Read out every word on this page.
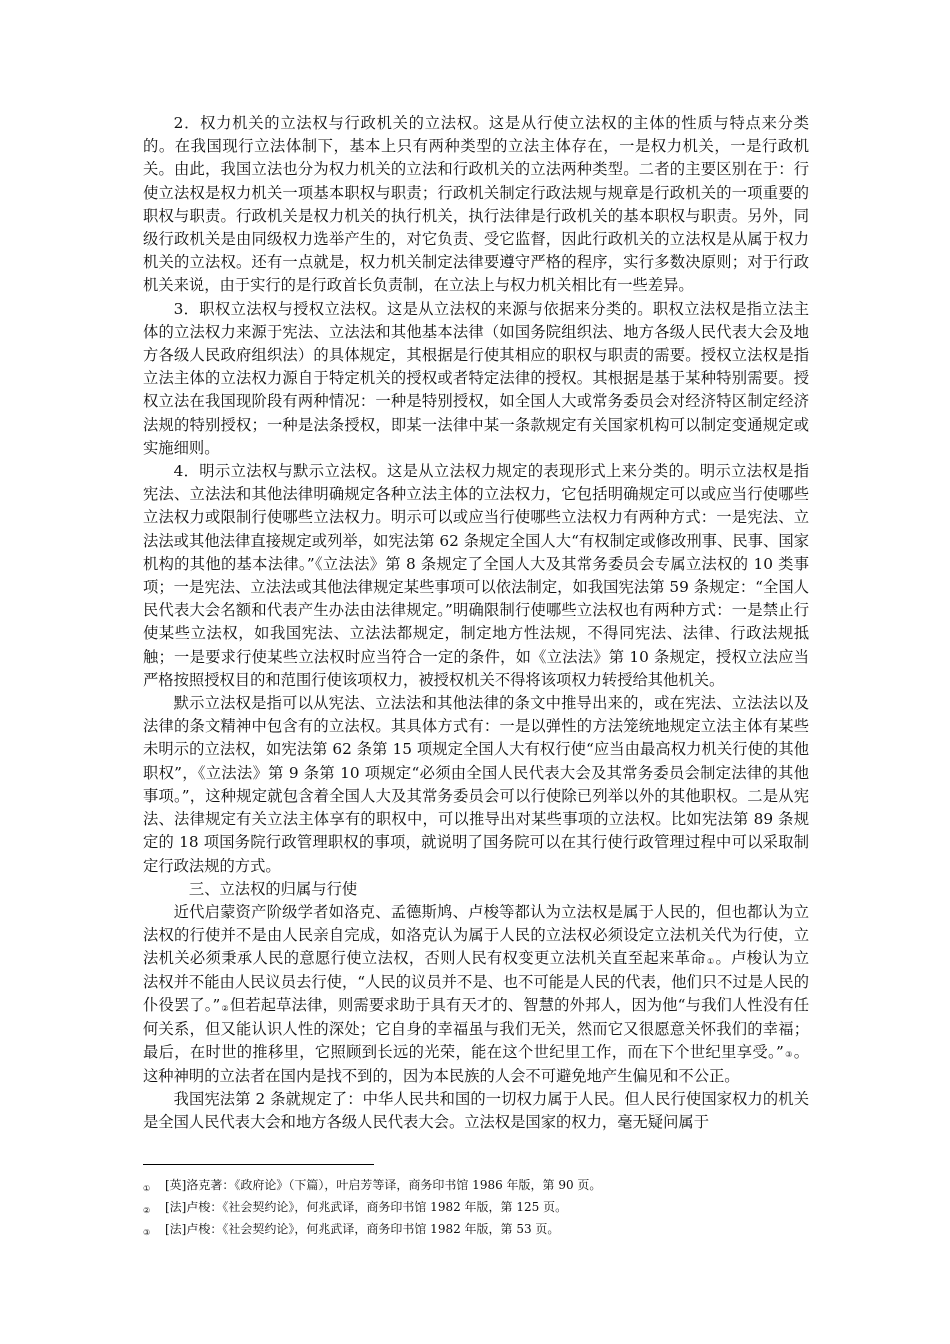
2．权力机关的立法权与行政机关的立法权。这是从行使立法权的主体的性质与特点来分类的。在我国现行立法体制下，基本上只有两种类型的立法主体存在，一是权力机关，一是行政机关。由此，我国立法也分为权力机关的立法和行政机关的立法两种类型。二者的主要区别在于：行使立法权是权力机关一项基本职权与职责；行政机关制定行政法规与规章是行政机关的一项重要的职权与职责。行政机关是权力机关的执行机关，执行法律是行政机关的基本职权与职责。另外，同级行政机关是由同级权力选举产生的，对它负责、受它监督，因此行政机关的立法权是从属于权力机关的立法权。还有一点就是，权力机关制定法律要遵守严格的程序，实行多数决原则；对于行政机关来说，由于实行的是行政首长负责制，在立法上与权力机关相比有一些差异。

3．职权立法权与授权立法权。这是从立法权的来源与依据来分类的。职权立法权是指立法主体的立法权力来源于宪法、立法法和其他基本法律（如国务院组织法、地方各级人民代表大会及地方各级人民政府组织法）的具体规定，其根据是行使其相应的职权与职责的需要。授权立法权是指立法主体的立法权力源自于特定机关的授权或者特定法律的授权。其根据是基于某种特别需要。授权立法在我国现阶段有两种情况：一种是特别授权，如全国人大或常务委员会对经济特区制定经济法规的特别授权；一种是法条授权，即某一法律中某一条款规定有关国家机构可以制定变通规定或实施细则。

4．明示立法权与默示立法权。这是从立法权力规定的表现形式上来分类的。明示立法权是指宪法、立法法和其他法律明确规定各种立法主体的立法权力，它包括明确规定可以或应当行使哪些立法权力或限制行使哪些立法权力。明示可以或应当行使哪些立法权力有两种方式：一是宪法、立法法或其他法律直接规定或列举，如宪法第 62 条规定全国人大“有权制定或修改刑事、民事、国家机构的其他的基本法律。”《立法法》第 8 条规定了全国人大及其常务委员会专属立法权的 10 类事项；一是宪法、立法法或其他法律规定某些事项可以依法制定，如我国宪法第 59 条规定：“全国人民代表大会名额和代表产生办法由法律规定。”明确限制行使哪些立法权也有两种方式：一是禁止行使某些立法权，如我国宪法、立法法都规定，制定地方性法规，不得同宪法、法律、行政法规抵触；一是要求行使某些立法权时应当符合一定的条件，如《立法法》第 10 条规定，授权立法应当严格按照授权目的和范围行使该项权力，被授权机关不得将该项权力转授给其他机关。

默示立法权是指可以从宪法、立法法和其他法律的条文中推导出来的，或在宪法、立法法以及法律的条文精神中包含有的立法权。其具体方式有：一是以弹性的方法笼统地规定立法主体有某些未明示的立法权，如宪法第 62 条第 15 项规定全国人大有权行使“应当由最高权力机关行使的其他职权”，《立法法》第 9 条第 10 项规定“必须由全国人民代表大会及其常务委员会制定法律的其他事项。”，这种规定就包含着全国人大及其常务委员会可以行使除已列举以外的其他职权。二是从宪法、法律规定有关立法主体享有的职权中，可以推导出对某些事项的立法权。比如宪法第 89 条规定的 18 项国务院行政管理职权的事项，就说明了国务院可以在其行使行政管理过程中可以采取制定行政法规的方式。

三、立法权的归属与行使

近代启蒙资产阶级学者如洛克、孟德斯鸠、卢梭等都认为立法权是属于人民的，但也都认为立法权的行使并不是由人民亲自完成，如洛克认为属于人民的立法权必须设定立法机关代为行使，立法机关必须秉承人民的意愿行使立法权，否则人民有权变更立法机关直至起来革命①。卢梭认为立法权并不能由人民议员去行使，“人民的议员并不是、也不可能是人民的代表，他们只不过是人民的仆役罢了。”②但若起草法律，则需要求助于具有天才的、智慧的外邦人，因为他“与我们人性没有任何关系，但又能认识人性的深处；它自身的幸福虽与我们无关，然而它又很愿意关怀我们的幸福；最后，在时世的推移里，它照顾到长远的光荣，能在这个世纪里工作，而在下个世纪里享受。”③。这种神明的立法者在国内是找不到的，因为本民族的人会不可避免地产生偏见和不公正。

我国宪法第 2 条就规定了：中华人民共和国的一切权力属于人民。但人民行使国家权力的机关是全国人民代表大会和地方各级人民代表大会。立法权是国家的权力，毫无疑问属于

①	[英]洛克著：《政府论》（下篇），叶启芳等译，商务印书馆 1986 年版，第 90 页。
②	[法]卢梭：《社会契约论》，何兆武译，商务印书馆 1982 年版，第 125 页。
③	[法]卢梭：《社会契约论》，何兆武译，商务印书馆 1982 年版，第 53 页。
